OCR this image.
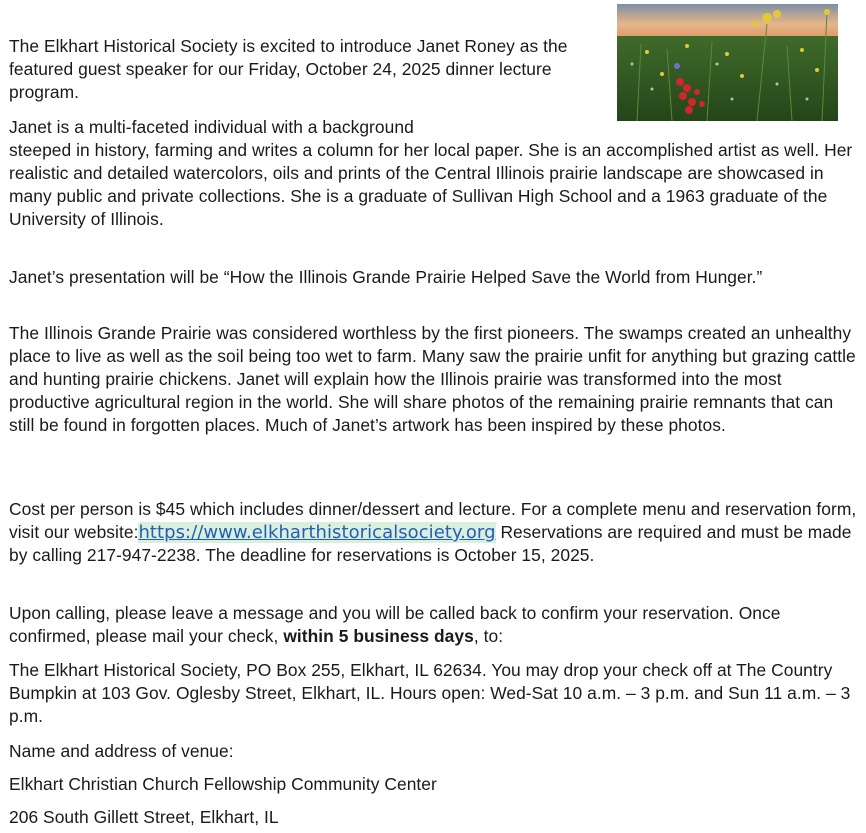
The Elkhart Historical Society is excited to introduce Janet Roney as the featured guest speaker for our Friday, October 24, 2025 dinner lecture program.

Janet is a multi-faceted individual with a background

steeped in history, farming and writes a column for her local paper. She is an accomplished artist as well. Her realistic and detailed watercolors, oils and prints of the Central Illinois prairie landscape are showcased in many public and private collections. She is a graduate of Sullivan High School and a 1963 graduate of the University of Illinois.

Janet’s presentation will be “How the Illinois Grande Prairie Helped Save the World from Hunger.”

The Illinois Grande Prairie was considered worthless by the first pioneers. The swamps created an unhealthy place to live as well as the soil being too wet to farm. Many saw the prairie unfit for anything but grazing cattle and hunting prairie chickens. Janet will explain how the Illinois prairie was transformed into the most productive agricultural region in the world. She will share photos of the remaining prairie remnants that can still be found in forgotten places. Much of Janet’s artwork has been inspired by these photos.

Cost per person is $45 which includes dinner/dessert and lecture. For a complete menu and reservation form, visit our website:https://www.elkharthistoricalsociety.org Reservations are required and must be made by calling 217-947-2238. The deadline for reservations is October 15, 2025.

Upon calling, please leave a message and you will be called back to confirm your reservation. Once confirmed, please mail your check, within 5 business days, to:

The Elkhart Historical Society, PO Box 255, Elkhart, IL 62634. You may drop your check off at The Country Bumpkin at 103 Gov. Oglesby Street, Elkhart, IL. Hours open: Wed-Sat 10 a.m. – 3 p.m. and Sun 11 a.m. – 3 p.m.

Name and address of venue:

Elkhart Christian Church Fellowship Community Center

206 South Gillett Street, Elkhart, IL
